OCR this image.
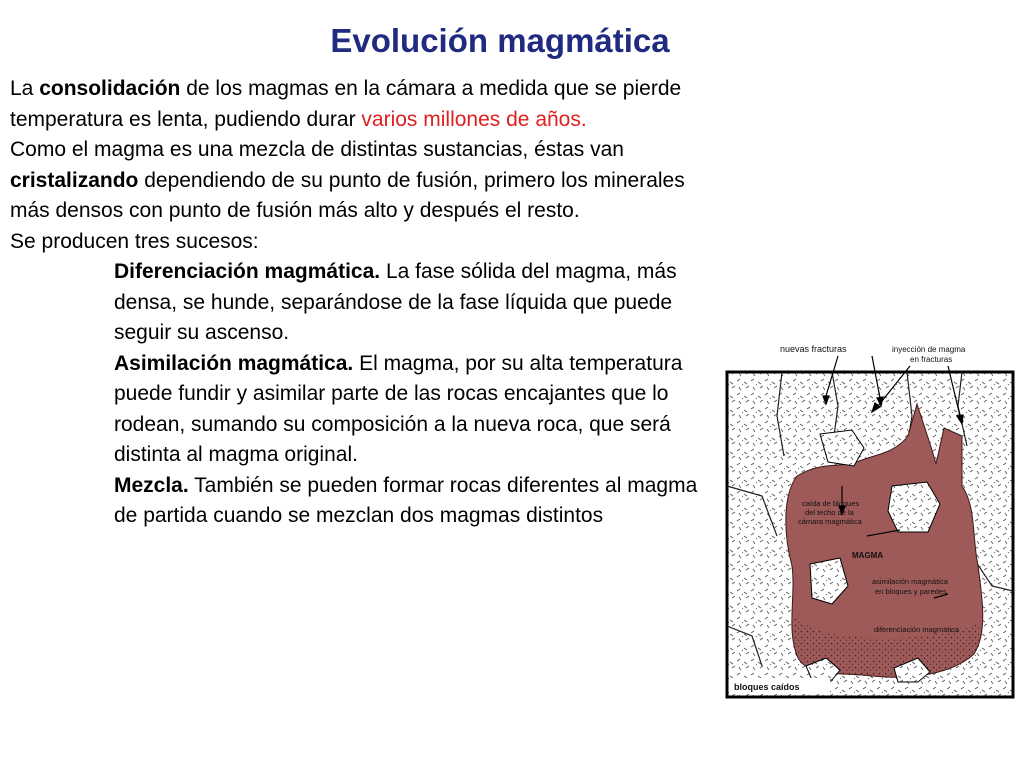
Evolución magmática

La consolidación de los magmas en la cámara a medida que se pierde temperatura es lenta, pudiendo durar varios millones de años.

Como el magma es una mezcla de distintas sustancias, éstas van cristalizando dependiendo de su punto de fusión, primero los minerales más densos con punto de fusión más alto y después el resto.

Se producen tres sucesos:

Diferenciación magmática. La fase sólida del magma, más densa, se hunde, separándose de la fase líquida que puede seguir su ascenso.

Asimilación magmática. El magma, por su alta temperatura puede fundir y asimilar parte de las rocas encajantes que lo rodean, sumando su composición a la nueva roca, que será distinta al magma original.

Mezcla. También se pueden formar rocas diferentes al magma de partida cuando se mezclan dos magmas distintos

nuevas fracturas	inyección de magma
en fracturas
caída de bloques
del techo de la
cámara magmática
MAGMA
asimilación magmática
en bloques y paredes
diferenciación magmática
bloques caídos
